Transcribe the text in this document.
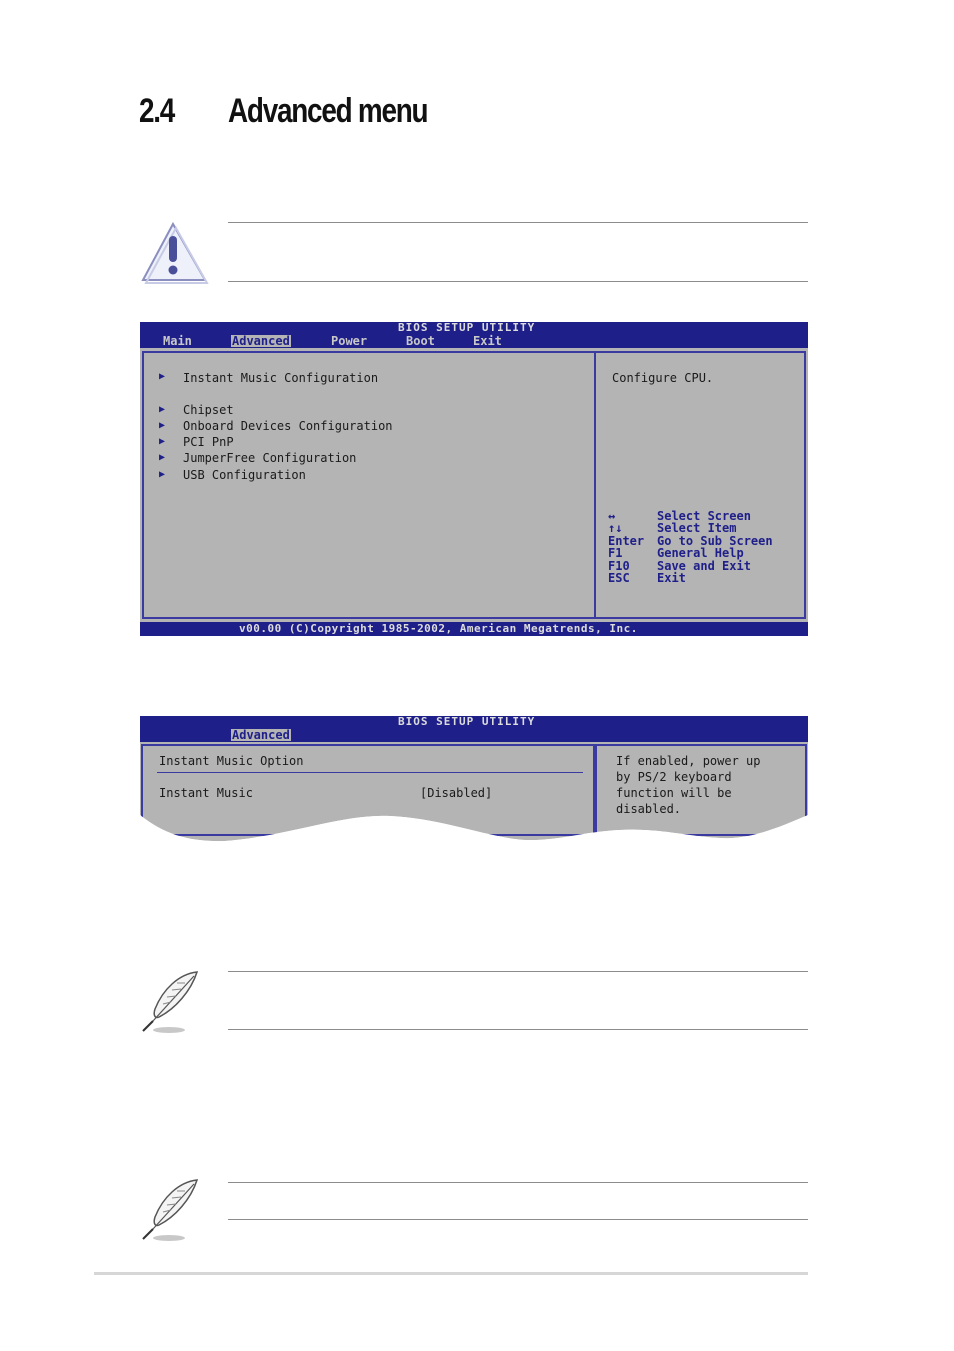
2.4 Advanced menu
BIOS SETUP UTILITY
Main	Advanced	Power	Boot	Exit
▶ Instant Music Configuration
▶ Chipset
▶ Onboard Devices Configuration
▶ PCI PnP
▶ JumperFree Configuration
▶ USB Configuration
Configure CPU.
↔	Select Screen
↑↓	Select Item
Enter Go to Sub Screen
F1	General Help
F10 Save and Exit
ESC Exit
v00.00 (C)Copyright 1985-2002, American Megatrends, Inc.
BIOS SETUP UTILITY
Advanced
Instant Music Option
Instant Music	[Disabled]
If enabled, power up
by PS/2 keyboard
function will be
disabled.
